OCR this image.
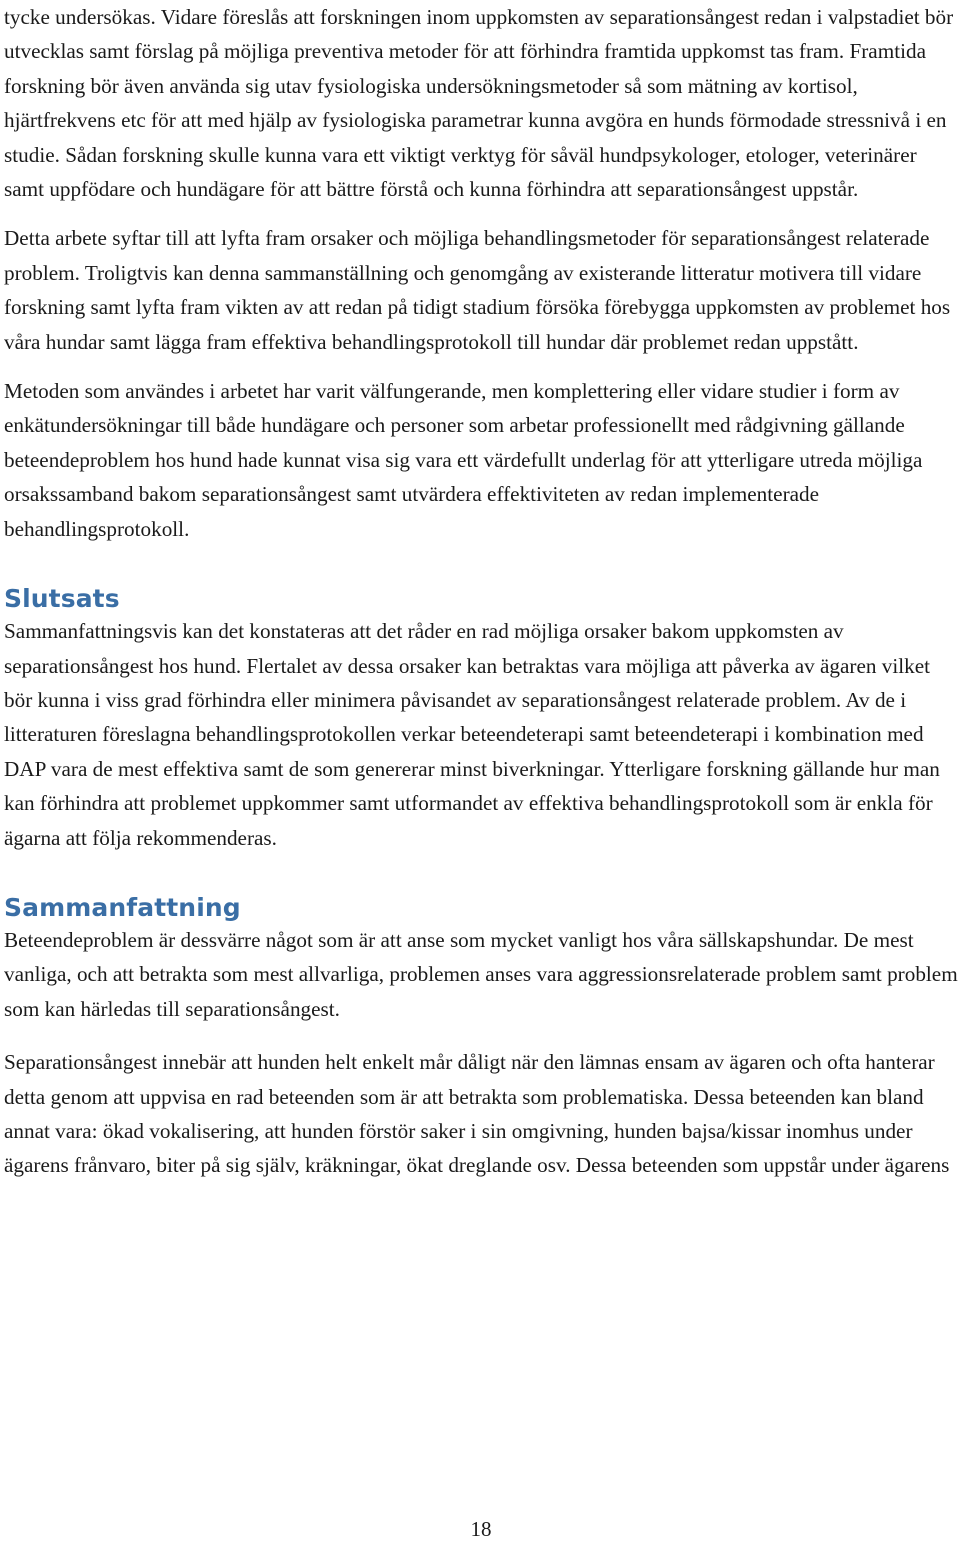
tycke undersökas. Vidare föreslås att forskningen inom uppkomsten av separationsångest redan i valpstadiet bör utvecklas samt förslag på möjliga preventiva metoder för att förhindra framtida uppkomst tas fram. Framtida forskning bör även använda sig utav fysiologiska undersökningsmetoder så som mätning av kortisol, hjärtfrekvens etc för att med hjälp av fysiologiska parametrar kunna avgöra en hunds förmodade stressnivå i en studie. Sådan forskning skulle kunna vara ett viktigt verktyg för såväl hundpsykologer, etologer, veterinärer samt uppfödare och hundägare för att bättre förstå och kunna förhindra att separationsångest uppstår.

Detta arbete syftar till att lyfta fram orsaker och möjliga behandlingsmetoder för separationsångest relaterade problem. Troligtvis kan denna sammanställning och genomgång av existerande litteratur motivera till vidare forskning samt lyfta fram vikten av att redan på tidigt stadium försöka förebygga uppkomsten av problemet hos våra hundar samt lägga fram effektiva behandlingsprotokoll till hundar där problemet redan uppstått.

Metoden som användes i arbetet har varit välfungerande, men komplettering eller vidare studier i form av enkätundersökningar till både hundägare och personer som arbetar professionellt med rådgivning gällande beteendeproblem hos hund hade kunnat visa sig vara ett värdefullt underlag för att ytterligare utreda möjliga orsakssamband bakom separationsångest samt utvärdera effektiviteten av redan implementerade behandlingsprotokoll.

Slutsats

Sammanfattningsvis kan det konstateras att det råder en rad möjliga orsaker bakom uppkomsten av separationsångest hos hund. Flertalet av dessa orsaker kan betraktas vara möjliga att påverka av ägaren vilket bör kunna i viss grad förhindra eller minimera påvisandet av separationsångest relaterade problem. Av de i litteraturen föreslagna behandlingsprotokollen verkar beteendeterapi samt beteendeterapi i kombination med DAP vara de mest effektiva samt de som genererar minst biverkningar. Ytterligare forskning gällande hur man kan förhindra att problemet uppkommer samt utformandet av effektiva behandlingsprotokoll som är enkla för ägarna att följa rekommenderas.

Sammanfattning

Beteendeproblem är dessvärre något som är att anse som mycket vanligt hos våra sällskapshundar. De mest vanliga, och att betrakta som mest allvarliga, problemen anses vara aggressionsrelaterade problem samt problem som kan härledas till separationsångest.

Separationsångest innebär att hunden helt enkelt mår dåligt när den lämnas ensam av ägaren och ofta hanterar detta genom att uppvisa en rad beteenden som är att betrakta som problematiska. Dessa beteenden kan bland annat vara: ökad vokalisering, att hunden förstör saker i sin omgivning, hunden bajsa/kissar inomhus under ägarens frånvaro, biter på sig själv, kräkningar, ökat dreglande osv. Dessa beteenden som uppstår under ägarens

18
